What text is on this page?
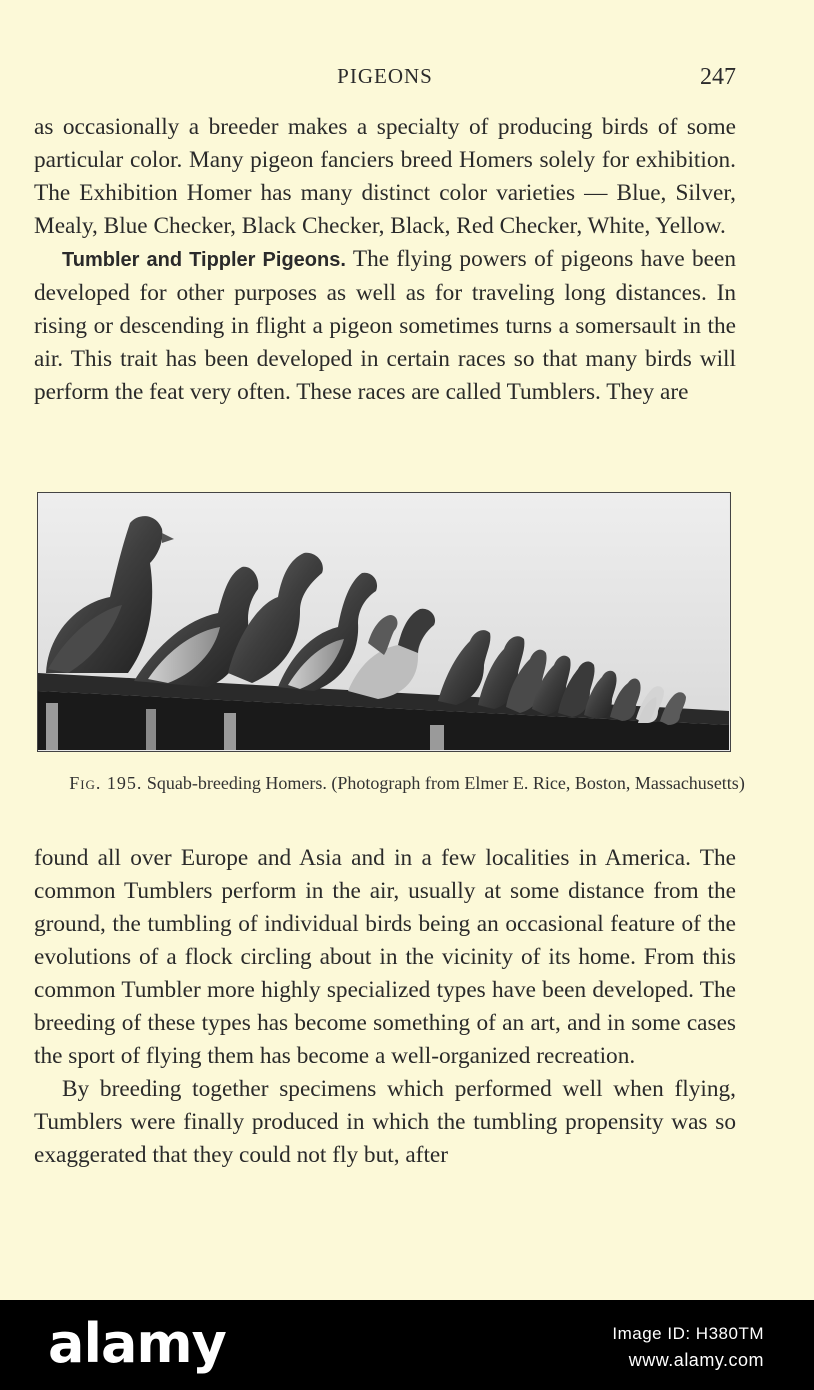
PIGEONS	247

as occasionally a breeder makes a specialty of producing birds of some particular color. Many pigeon fanciers breed Homers solely for exhibition. The Exhibition Homer has many distinct color varieties — Blue, Silver, Mealy, Blue Checker, Black Checker, Black, Red Checker, White, Yellow.

Tumbler and Tippler Pigeons. The flying powers of pigeons have been developed for other purposes as well as for traveling long distances. In rising or descending in flight a pigeon sometimes turns a somersault in the air. This trait has been developed in certain races so that many birds will perform the feat very often. These races are called Tumblers. They are

Fig. 195. Squab-breeding Homers. (Photograph from Elmer E. Rice, Boston, Massachusetts)

found all over Europe and Asia and in a few localities in America. The common Tumblers perform in the air, usually at some distance from the ground, the tumbling of individual birds being an occasional feature of the evolutions of a flock circling about in the vicinity of its home. From this common Tumbler more highly specialized types have been developed. The breeding of these types has become something of an art, and in some cases the sport of flying them has become a well-organized recreation.

By breeding together specimens which performed well when flying, Tumblers were finally produced in which the tumbling propensity was so exaggerated that they could not fly but, after

alamy	Image ID: H380TM
www.alamy.com
